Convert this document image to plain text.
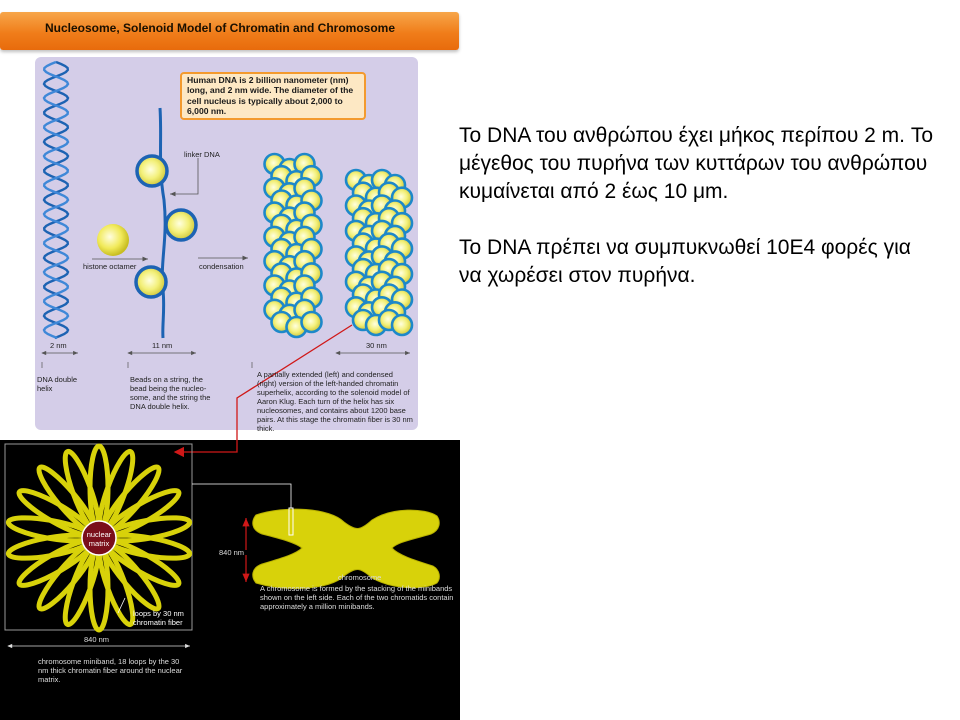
Nucleosome, Solenoid Model of Chromatin and Chromosome
Human DNA is 2 billion nanometer (nm) long, and 2 nm wide. The diameter of the cell nucleus is typically about 2,000 to 6,000 nm.
linker DNA
histone octamer	condensation
2 nm	11 nm	30 nm
DNA double helix
Beads on a string, the bead being the nucleo-some, and the string the DNA double helix.
A partially extended (left) and condensed (right) version of the left-handed chromatin superhelix, according to the solenoid model of Aaron Klug. Each turn of the helix has six nucleosomes, and contains about 1200 base pairs. At this stage the chromatin fiber is 30 nm thick.
nuclear matrix
loops by 30 nm chromatin fiber
840 nm
840 nm
chromosome
A chromosome is formed by the stacking of the minibands shown on the left side. Each of the two chromatids contain approximately a million minibands.
chromosome miniband, 18 loops by the 30 nm thick chromatin fiber around the nuclear matrix.
Το DNA του ανθρώπου έχει μήκος περίπου 2 m. Το μέγεθος του πυρήνα των κυττάρων του ανθρώπου κυμαίνεται από 2 έως 10 μm.

Το DNA πρέπει να συμπυκνωθεί 10Ε4 φορές για να χωρέσει στον πυρήνα.
